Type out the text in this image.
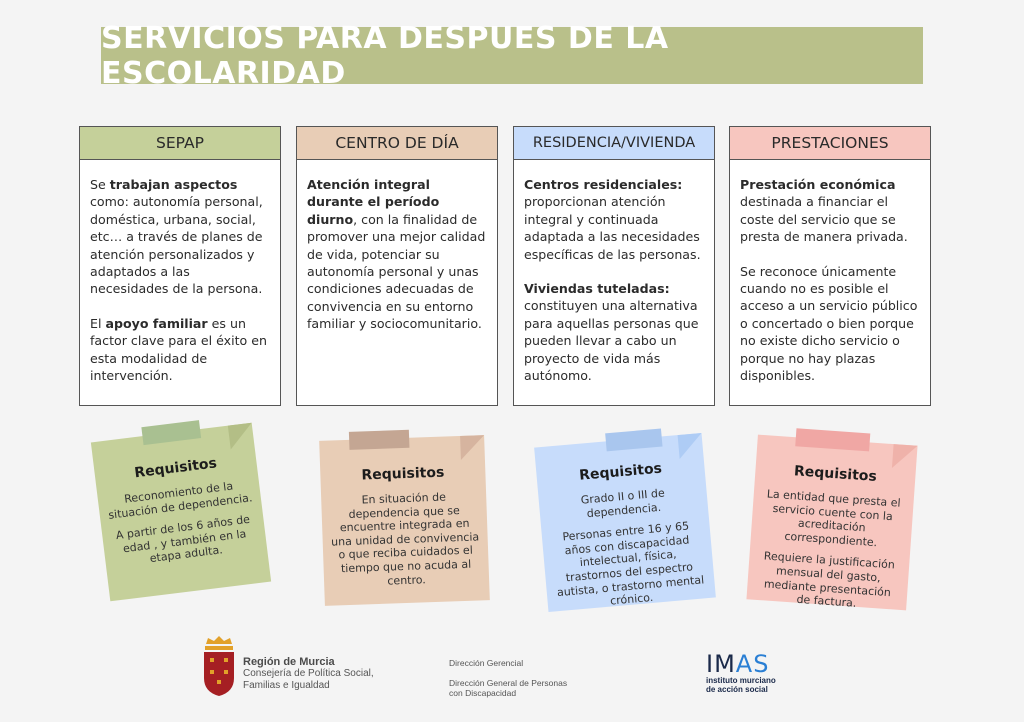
SERVICIOS PARA DESPUES DE LA ESCOLARIDAD
SEPAP

Se trabajan aspectos como: autonomía personal, doméstica, urbana, social, etc… a través de planes de atención personalizados y adaptados a las necesidades de la persona.

El apoyo familiar es un factor clave para el éxito en esta modalidad de intervención.

CENTRO DE DÍA

Atención integral durante el período diurno, con la finalidad de promover una mejor calidad de vida, potenciar su autonomía personal y unas condiciones adecuadas de convivencia en su entorno familiar y sociocomunitario.

RESIDENCIA/VIVIENDA

Centros residenciales: proporcionan atención integral y continuada adaptada a las necesidades específicas de las personas.

Viviendas tuteladas: constituyen una alternativa para aquellas personas que pueden llevar a cabo un proyecto de vida más autónomo.

PRESTACIONES

Prestación económica destinada a financiar el coste del servicio que se presta de manera privada.

Se reconoce únicamente cuando no es posible el acceso a un servicio público o concertado o bien porque no existe dicho servicio o porque no hay plazas disponibles.

Requisitos

Reconomiento de la situación de dependencia.

A partir de los 6 años de edad , y también en la etapa adulta.

Requisitos

En situación de dependencia que se encuentre integrada en una unidad de convivencia o que reciba cuidados el tiempo que no acuda al centro.

Requisitos

Grado II o III de dependencia.

Personas entre 16 y 65 años con discapacidad intelectual, física, trastornos del espectro autista, o trastorno mental crónico.

Requisitos

La entidad que presta el servicio cuente con la acreditación correspondiente.

Requiere la justificación mensual del gasto, mediante presentación de factura.

Región de Murcia
Consejería de Política Social,
Familias e Igualdad
Dirección Gerencial
Dirección General de Personas
con Discapacidad
IMAS
instituto murciano
de acción social
